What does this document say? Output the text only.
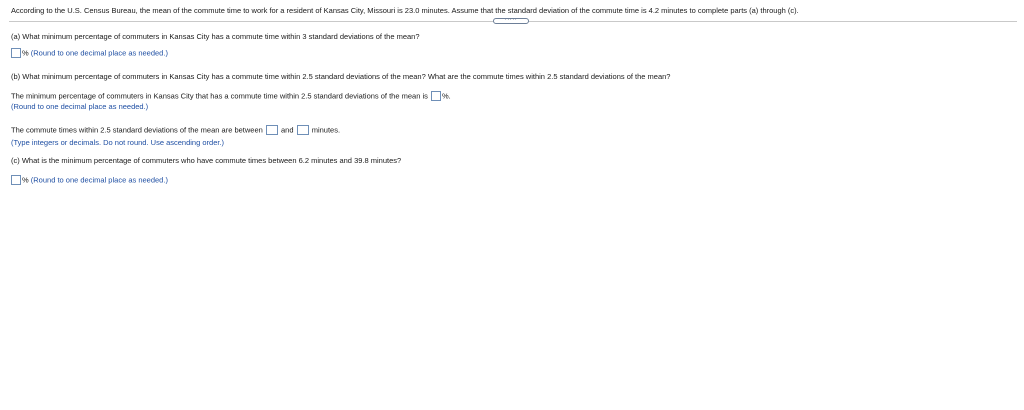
According to the U.S. Census Bureau, the mean of the commute time to work for a resident of Kansas City, Missouri is 23.0 minutes. Assume that the standard deviation of the commute time is 4.2 minutes to complete parts (a) through (c).
·····
(a) What minimum percentage of commuters in Kansas City has a commute time within 3 standard deviations of the mean?
% (Round to one decimal place as needed.)
(b) What minimum percentage of commuters in Kansas City has a commute time within 2.5 standard deviations of the mean? What are the commute times within 2.5 standard deviations of the mean?
The minimum percentage of commuters in Kansas City that has a commute time within 2.5 standard deviations of the mean is %.
(Round to one decimal place as needed.)
The commute times within 2.5 standard deviations of the mean are between and minutes.
(Type integers or decimals. Do not round. Use ascending order.)
(c) What is the minimum percentage of commuters who have commute times between 6.2 minutes and 39.8 minutes?
% (Round to one decimal place as needed.)
